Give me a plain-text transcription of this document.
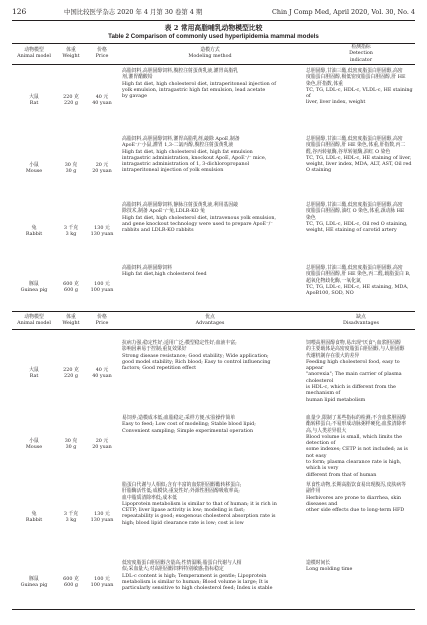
126	中国比较医学杂志 2020 年 4 月第 30 卷第 4 期	Chin J Comp Med, April 2020, Vol. 30, No. 4
表 2 常用高脂哺乳动物模型比较
Table 2 Comparison of commonly used hyperlipidemia mammal models

动物模型

Animal model

体重

Weight

价格

Price

造模方式

Modeling method

检测指标

Detection

indicator

大鼠

Rat

220 克

220 g

40 元

40 yuan

高脂饲料,高胆固醇饲料,腹腔注射蛋黄乳液,灌胃高脂乳

剂,灌胃醋酸铅

High fat diet, high cholesterol diet, intraperitoneal injection of

yolk emulsion, intragastric high fat emulsion, lead acetate

by gavage

总胆固醇,甘油三酯,低密度脂蛋白胆固醇,高密

度脂蛋白胆固醇,极低密度脂蛋白胆固醇,肝 HE

染色,肝指数,体重

TC, TG, LDL-c, HDL-c, VLDL-c, HE staining of

liver, liver index, weight

小鼠

Mouse

30 克

30 g

20 元

20 yuan

高脂饲料,高胆固醇饲料,灌胃高脂乳剂,敲除 ApoE,制备

ApoE⁻/⁻小鼠,灌胃 1,3-二氯丙醇,腹腔注射蛋黄乳液

High fat diet, high cholesterol diet, high fat emulsion

intragastric administration, knockout ApoE, ApoE⁻/⁻ mice,

intragastric administration of 1, 3-dichloropropanol

intraperitoneal injection of yolk emulsion

总胆固醇,甘油三酯,低密度脂蛋白胆固醇,高密

度脂蛋白胆固醇,肝 HE 染色,体重,肝指数,丙二

醛,谷丙转氨酶,谷草转氨酶,油红 O 染色

TC, TG, LDL-c, HDL-c, HE staining of liver,

weight, liver index, MDA, ALT, AST, Oil red

O staining

兔

Rabbit

3 千克

3 kg

130 元

130 yuan

高脂饲料,高胆固醇饲料,静脉注射蛋黄乳液,利用基因敲

除技术,制备 ApoE⁻/⁻兔,LDLR-KO 兔

High fat diet, high cholesterol diet, intravenous yolk emulsion,

and gene knockout technology were used to prepare ApoE⁻/⁻

rabbits and LDLR-KO rabbits

总胆固醇,甘油三酯,低密度脂蛋白胆固醇,高密

度脂蛋白胆固醇,油红 O 染色,体重,颈动脉 HE

染色

TC, TG, LDL-c, HDL-c, Oil red O staining,

weight, HE staining of carotid artery

豚鼠

Guinea pig

600 克

600 g

100 元

100 yuan

高脂饲料,高胆固醇饲料

High fat diet,high cholesterol feed

总胆固醇,甘油三酯,低密度脂蛋白胆固醇,高密

度脂蛋白胆固醇,肝 HE 染色,丙二醛,载脂蛋白 B,

超氧化物歧化酶,一氧化氮

TC, TG, LDL-c, HDL-c, HE staining, MDA,

ApoB100, SOD, NO

动物模型

Animal model

体重

Weight

价格

Price

优点

Advantages

缺点

Disadvantages

大鼠

Rat

220 克

220 g

40 元

40 yuan

抗病力强;稳定性好;适用广泛;模型稳定性好;血液丰富;

影响因素易于控制;重复效果好

Strong disease resistance; Good stability; Wide application;

good model stability; Rich blood; Easy to control influencing

factors; Good repetition effect

饲喂高胆固醇食物,易出现"厌食";血浆胆固醇

的主要载体是高密度脂蛋白胆固醇,与人胆固醇

代谢机制存在很大的差异

Feeding high cholesterol food, easy to appear

"anorexia"; The main carrier of plasma cholesterol

is HDL-c, which is different from the mechanism of

human lipid metabolism

小鼠

Mouse

30 克

30 g

20 元

20 yuan

易饲养;造模成本低;血脂稳定;采样方便;实验操作简单

Easy to feed; Low cost of modeling; Stable blood lipid;

Convenient sampling; Simple experimental operation

血量少,限制了某些指标的检测;不含血浆胆固醇

酯转移蛋白;不易形成动脉粥样硬化;血浆清除率

高,与人类差异很大

Blood volume is small, which limits the detection of

some indexes; CETP is not included; as is not easy

to form; plasma clearance rate is high, which is very

different from that of human

兔

Rabbit

3 千克

3 kg

130 元

130 yuan

脂蛋白代谢与人相似;含有丰富的血浆胆固醇酯转移蛋白;

肝脂酶活性低;成模快;重复性好;外源性胆固醇吸收率高;

血中脂质清除率低;成本低

Lipoprotein metabolism is similar to that of human; it is rich in

CETP; liver lipase activity is low; modeling is fast;

repeatability is good; exogenous cholesterol absorption rate is

high; blood lipid clearance rate is low; cost is low

草食性动物,长期高脂饮食易出现腹泻,皮肤病等

副作用

Herbivores are prone to diarrhea, skin diseases and

other side effects due to long-term HFD

豚鼠

Guinea pig

600 克

600 g

100 元

100 yuan

低密度脂蛋白胆固醇含量高;性情温顺;脂蛋白代谢与人相

似;采血量大;对高胆固醇饲料特别敏感;指标稳定

LDL-c content is high; Temperament is gentle; Lipoprotein

metabolism is similar to human; Blood volume is large; It is

particularly sensitive to high cholesterol feed; Index is stable

造模时间长

Long molding time
